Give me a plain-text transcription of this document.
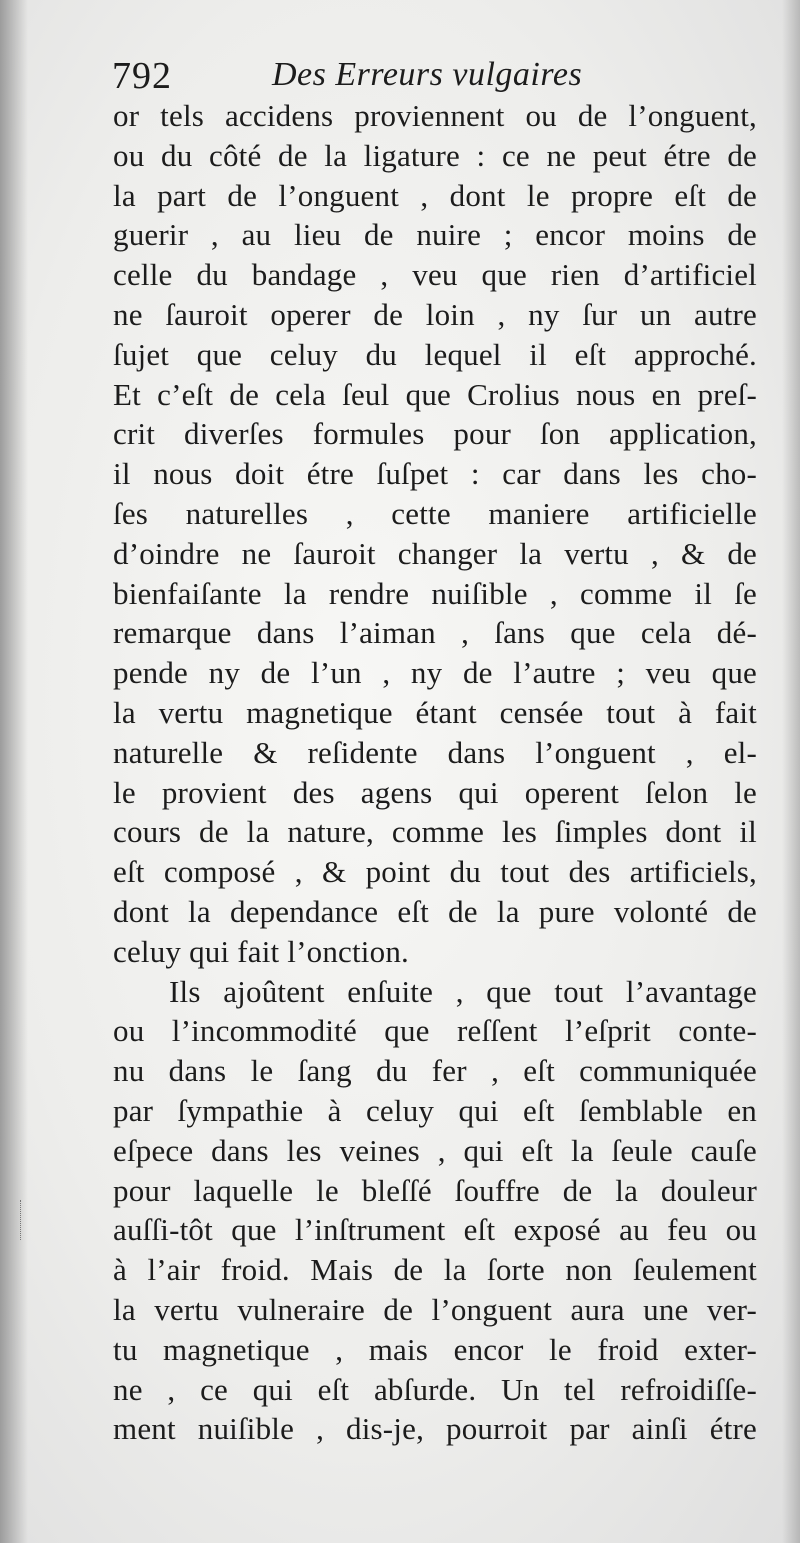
792	Des Erreurs vulgaires
or tels accidens proviennent ou de l’onguent,
ou du côté de la ligature : ce ne peut étre de
la part de l’onguent , dont le propre eſt de
guerir , au lieu de nuire ; encor moins de
celle du bandage , veu que rien d’artificiel
ne ſauroit operer de loin , ny ſur un autre
ſujet que celuy du lequel il eſt approché.
Et c’eſt de cela ſeul que Crolius nous en preſ-
crit diverſes formules pour ſon application,
il nous doit étre ſuſpet : car dans les cho-
ſes naturelles , cette maniere artificielle
d’oindre ne ſauroit changer la vertu , & de
bienfaiſante la rendre nuiſible , comme il ſe
remarque dans l’aiman , ſans que cela dé-
pende ny de l’un , ny de l’autre ; veu que
la vertu magnetique étant censée tout à fait
naturelle & reſidente dans l’onguent , el-
le provient des agens qui operent ſelon le
cours de la nature, comme les ſimples dont il
eſt composé , & point du tout des artificiels,
dont la dependance eſt de la pure volonté de
celuy qui fait l’onction.
Ils ajoûtent enſuite , que tout l’avantage
ou l’incommodité que reſſent l’eſprit conte-
nu dans le ſang du fer , eſt communiquée
par ſympathie à celuy qui eſt ſemblable en
eſpece dans les veines , qui eſt la ſeule cauſe
pour laquelle le bleſſé ſouffre de la douleur
auſſi-tôt que l’inſtrument eſt exposé au feu ou
à l’air froid. Mais de la ſorte non ſeulement
la vertu vulneraire de l’onguent aura une ver-
tu magnetique , mais encor le froid exter-
ne , ce qui eſt abſurde. Un tel refroidiſſe-
ment nuiſible , dis-je, pourroit par ainſi étre
